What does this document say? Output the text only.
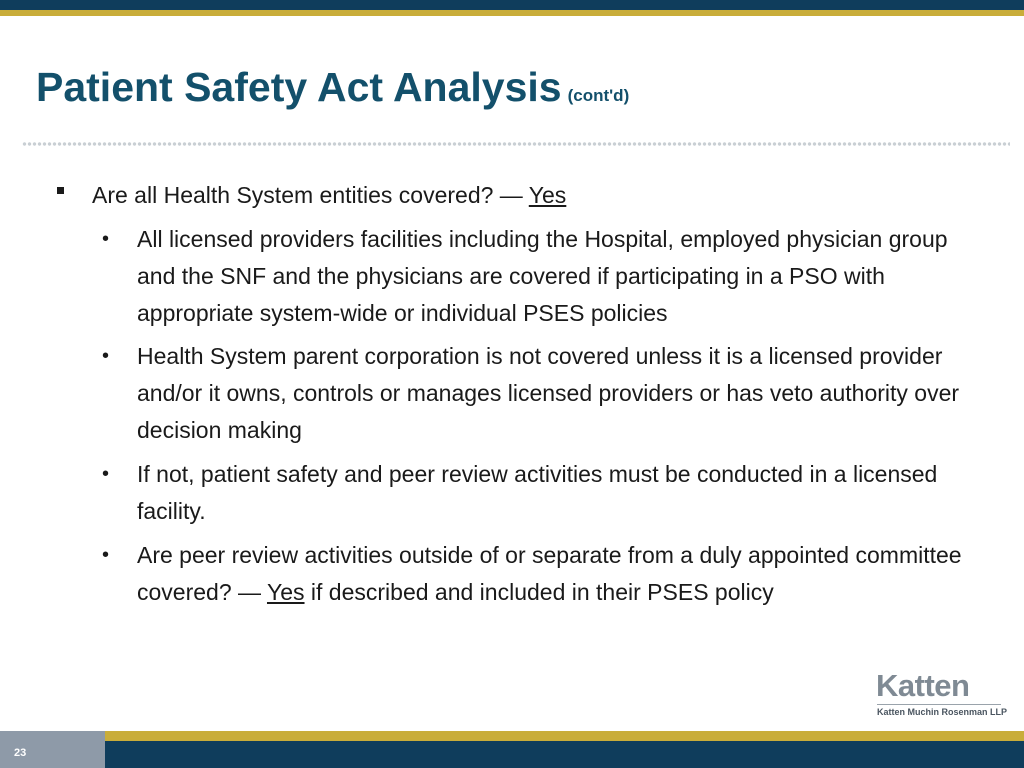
Patient Safety Act Analysis (cont'd)
Are all Health System entities covered? — Yes
• All licensed providers facilities including the Hospital, employed physician group and the SNF and the physicians are covered if participating in a PSO with appropriate system-wide or individual PSES policies
• Health System parent corporation is not covered unless it is a licensed provider and/or it owns, controls or manages licensed providers or has veto authority over decision making
• If not, patient safety and peer review activities must be conducted in a licensed facility.
• Are peer review activities outside of or separate from a duly appointed committee covered? — Yes if described and included in their PSES policy
Katten
Katten Muchin Rosenman LLP
23
